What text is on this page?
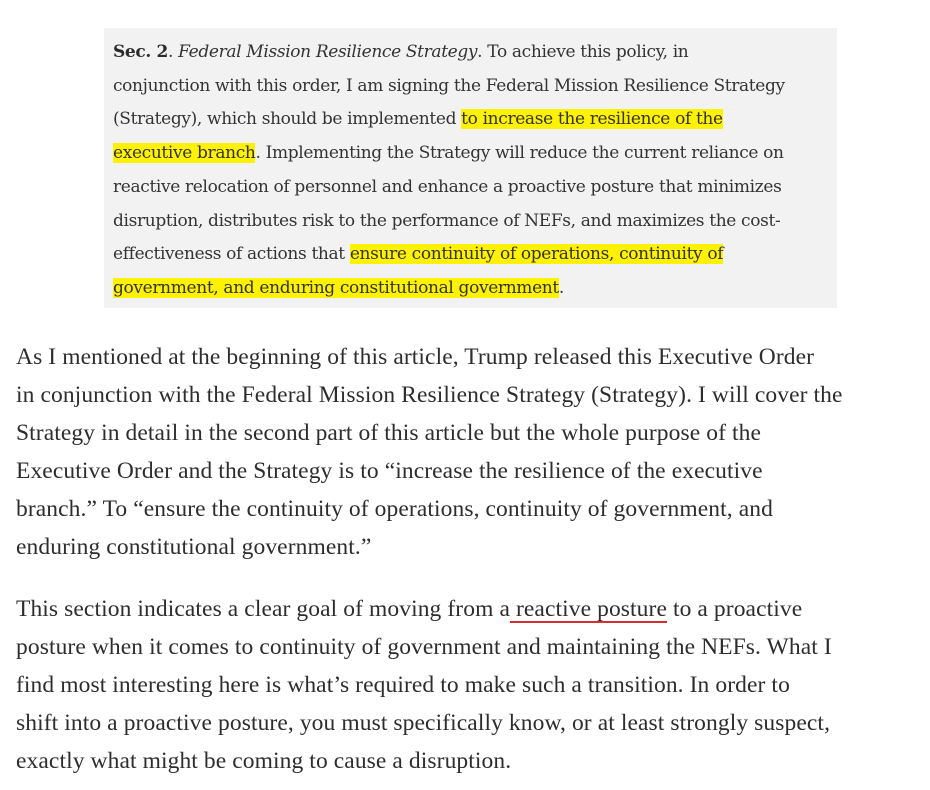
Sec. 2. Federal Mission Resilience Strategy. To achieve this policy, in
conjunction with this order, I am signing the Federal Mission Resilience Strategy
(Strategy), which should be implemented to increase the resilience of the
executive branch. Implementing the Strategy will reduce the current reliance on
reactive relocation of personnel and enhance a proactive posture that minimizes
disruption, distributes risk to the performance of NEFs, and maximizes the cost-
effectiveness of actions that ensure continuity of operations, continuity of
government, and enduring constitutional government.
As I mentioned at the beginning of this article, Trump released this Executive Order
in conjunction with the Federal Mission Resilience Strategy (Strategy). I will cover the
Strategy in detail in the second part of this article but the whole purpose of the
Executive Order and the Strategy is to “increase the resilience of the executive
branch.” To “ensure the continuity of operations, continuity of government, and
enduring constitutional government.”
This section indicates a clear goal of moving from a reactive posture to a proactive
posture when it comes to continuity of government and maintaining the NEFs. What I
find most interesting here is what’s required to make such a transition. In order to
shift into a proactive posture, you must specifically know, or at least strongly suspect,
exactly what might be coming to cause a disruption.
